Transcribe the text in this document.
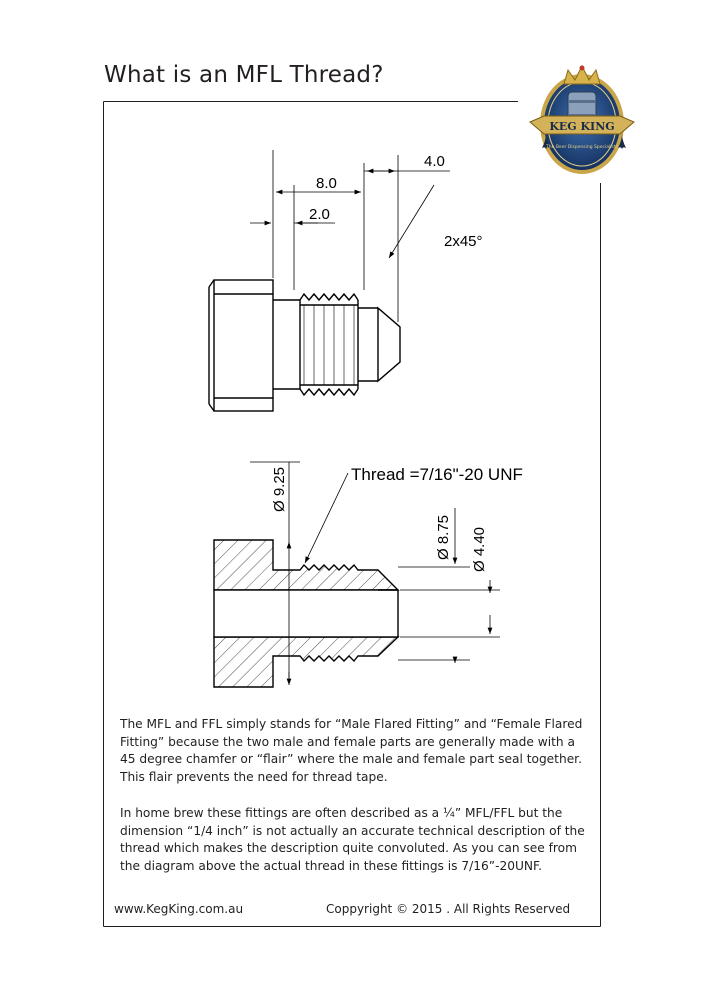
What is an MFL Thread?
KEG KING
The Beer Dispensing Specialists
8.0
2.0
4.0
2x45°
Ø 9.25	Thread =7/16"-20 UNF
Ø 8.75 Ø 4.40
The MFL and FFL simply stands for “Male Flared Fitting” and “Female Flared Fitting” because the two male and female parts are generally made with a 45 degree chamfer or “flair” where the male and female part seal together. This flair prevents the need for thread tape.
In home brew these fittings are often described as a ¼” MFL/FFL but the dimension “1/4 inch” is not actually an accurate technical description of the thread which makes the description quite convoluted. As you can see from the diagram above the actual thread in these fittings is 7/16”-20UNF.
www.KegKing.com.au	Coppyright © 2015 . All Rights Reserved
